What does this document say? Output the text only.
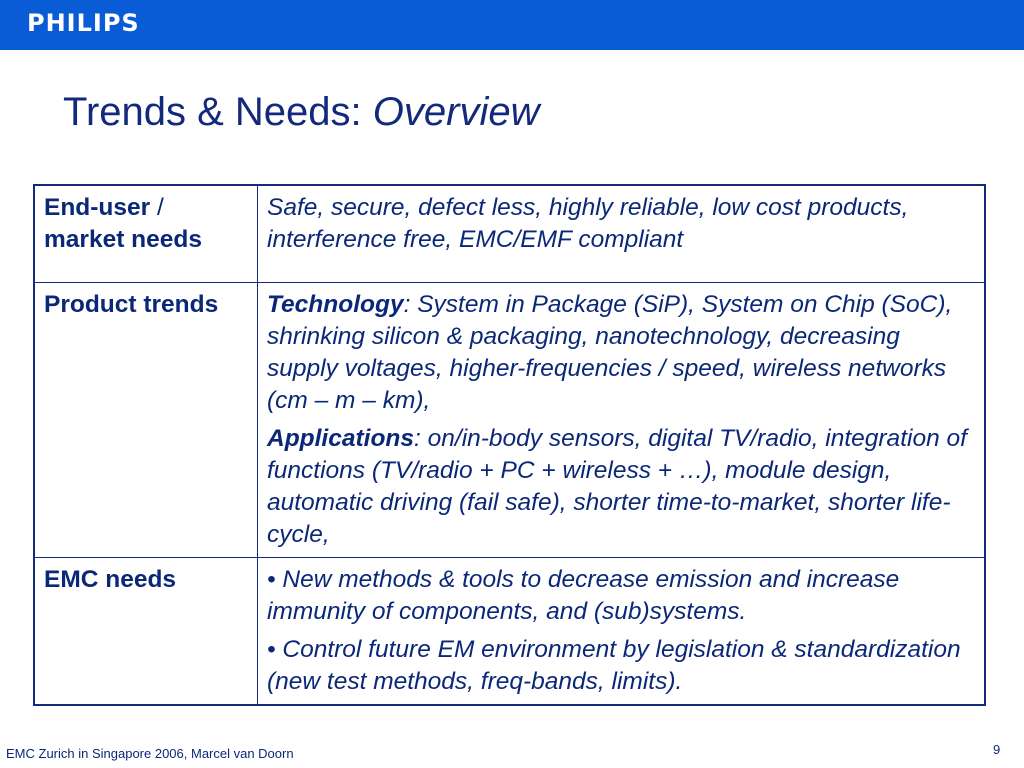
PHILIPS
Trends & Needs: Overview
End-user /
market needs	Safe, secure, defect less, highly reliable, low cost products, interference free, EMC/EMF compliant
Product trends	Technology: System in Package (SiP), System on Chip (SoC), shrinking silicon & packaging, nanotechnology, decreasing supply voltages, higher-frequencies / speed, wireless networks (cm – m – km),

Applications: on/in-body sensors, digital TV/radio, integration of functions (TV/radio + PC + wireless + …), module design, automatic driving (fail safe), shorter time-to-market, shorter life-cycle,

EMC needs	• New methods & tools to decrease emission and increase immunity of components, and (sub)systems.

• Control future EM environment by legislation & standardization (new test methods, freq-bands, limits).

EMC Zurich in Singapore 2006, Marcel van Doorn	9
